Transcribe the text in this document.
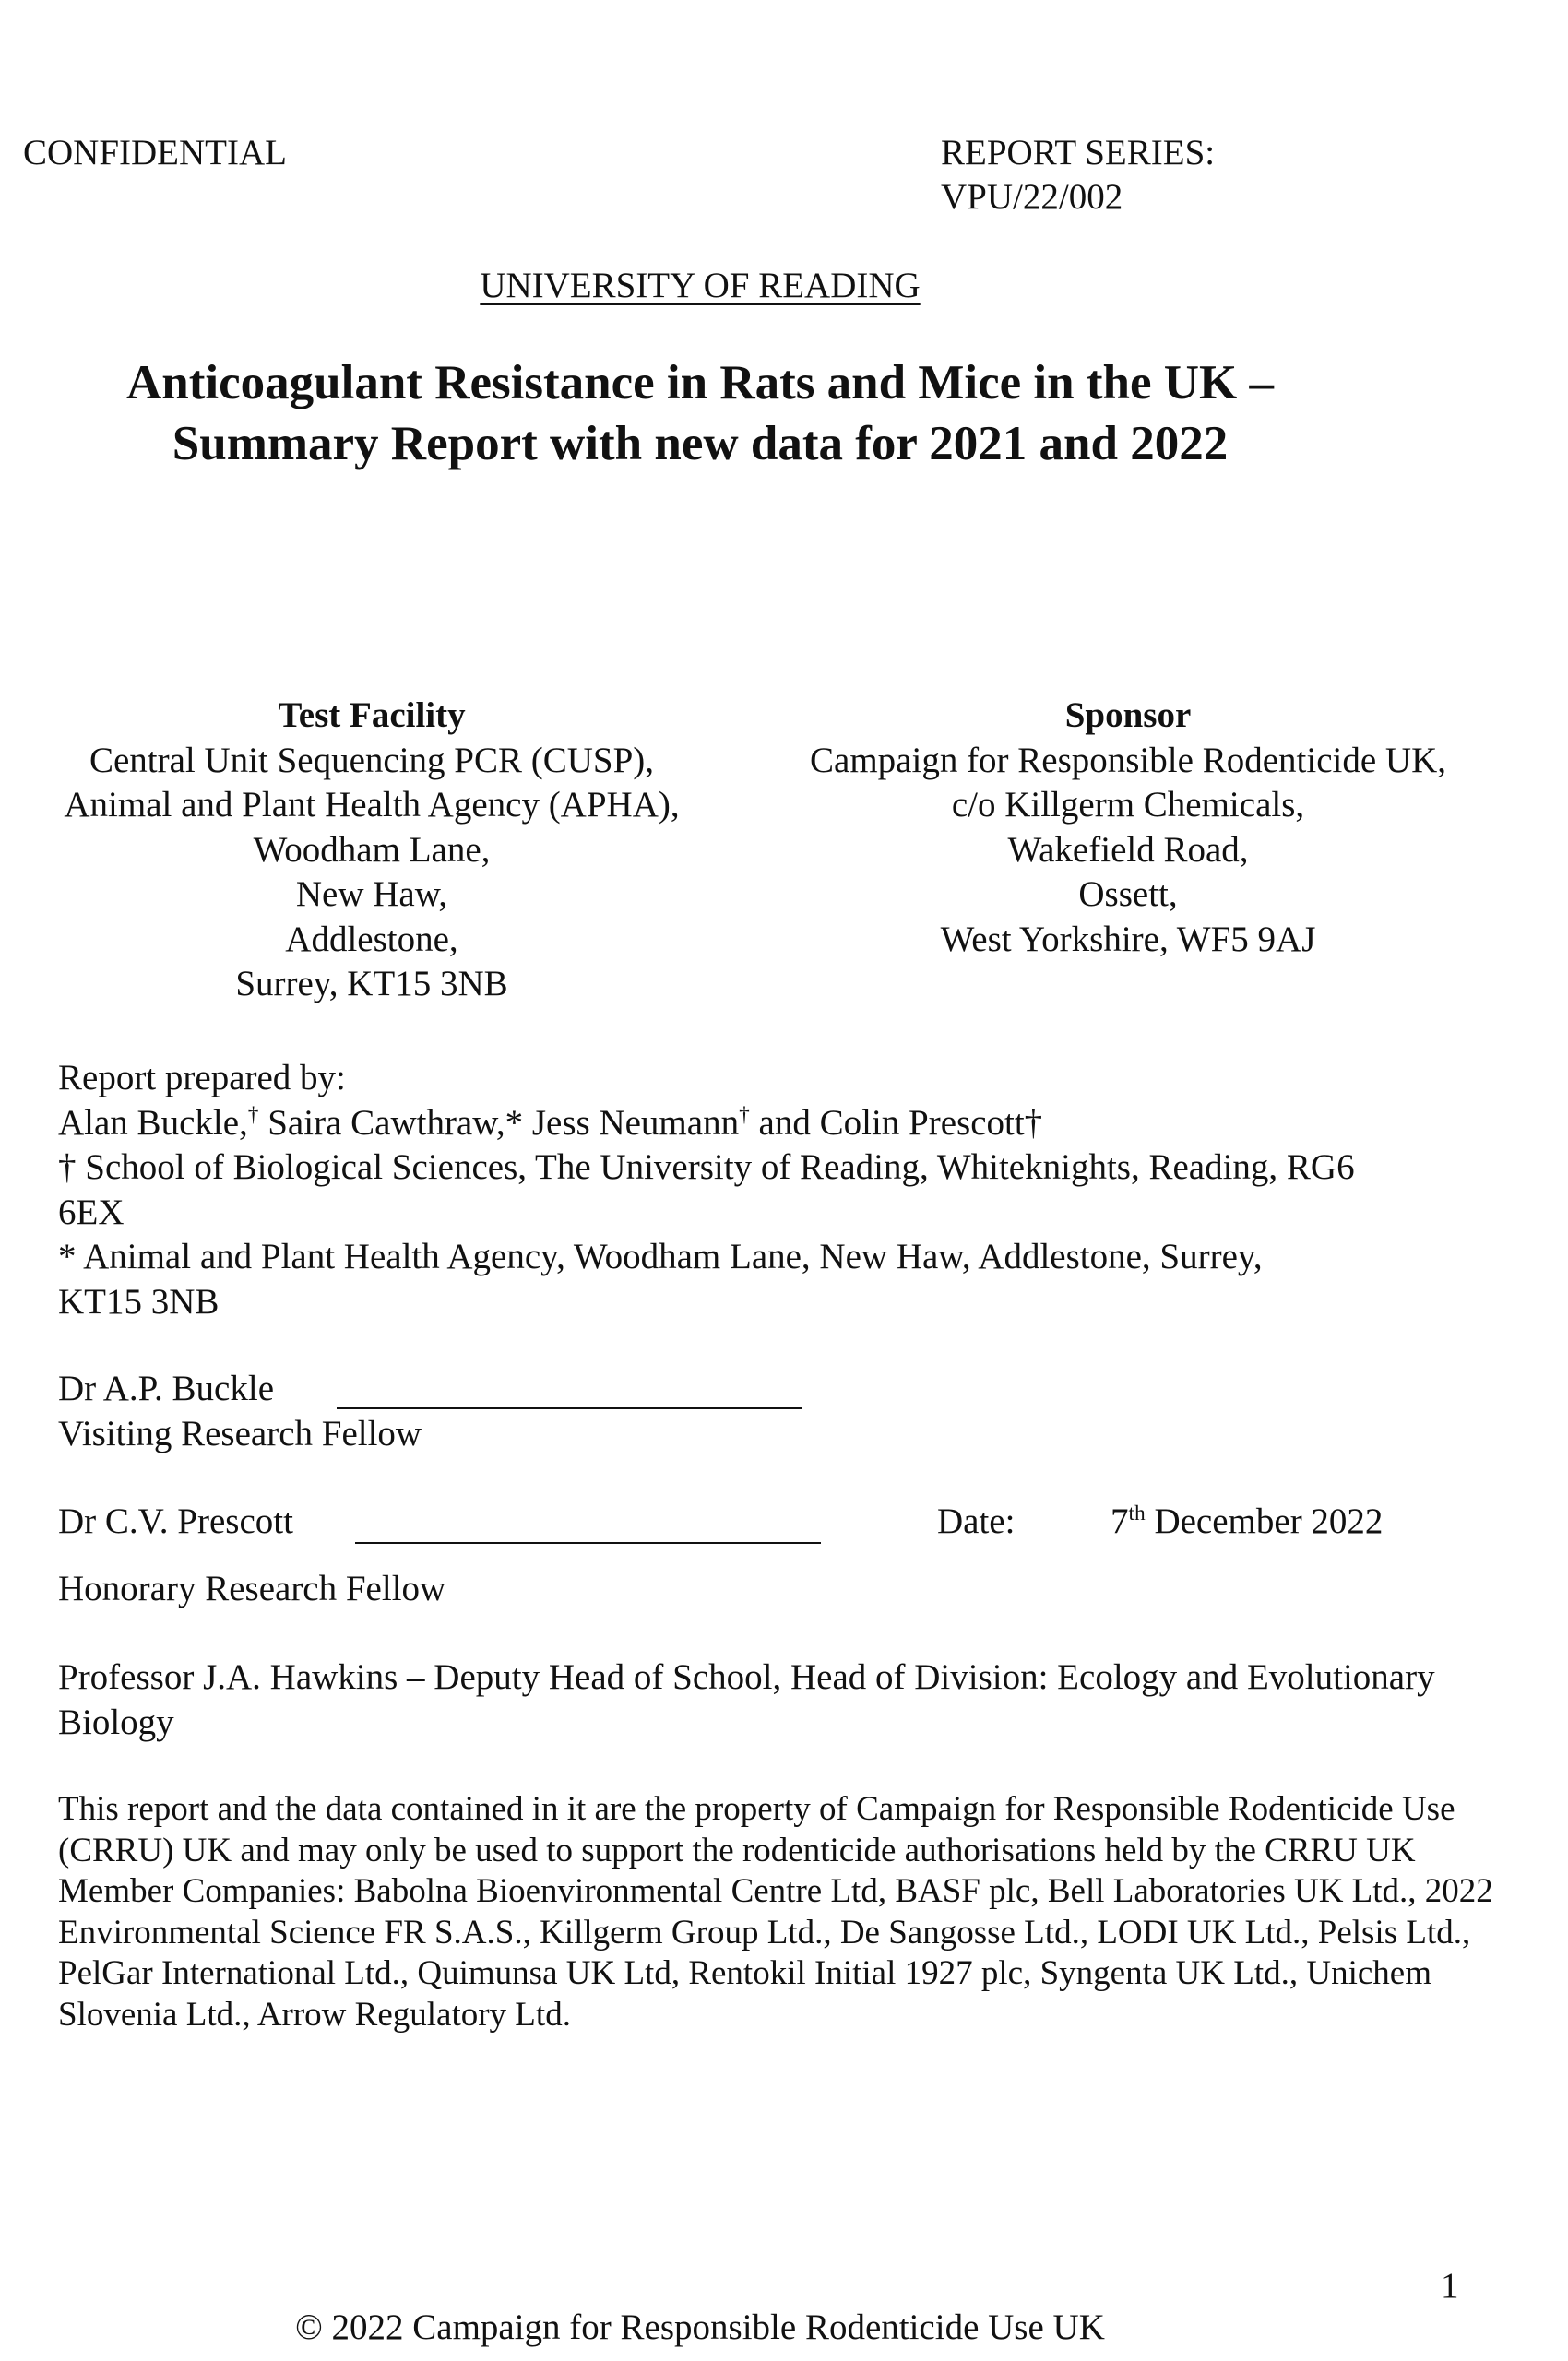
CONFIDENTIAL	REPORT SERIES:
VPU/22/002
UNIVERSITY OF READING
Anticoagulant Resistance in Rats and Mice in the UK –
Summary Report with new data for 2021 and 2022
Test Facility
Central Unit Sequencing PCR (CUSP),
Animal and Plant Health Agency (APHA),
Woodham Lane,
New Haw,
Addlestone,
Surrey, KT15 3NB
Sponsor
Campaign for Responsible Rodenticide UK,
c/o Killgerm Chemicals,
Wakefield Road,
Ossett,
West Yorkshire, WF5 9AJ
Report prepared by:
Alan Buckle,† Saira Cawthraw,* Jess Neumann† and Colin Prescott†
† School of Biological Sciences, The University of Reading, Whiteknights, Reading, RG6
6EX
* Animal and Plant Health Agency, Woodham Lane, New Haw, Addlestone, Surrey,
KT15 3NB
Dr A.P. Buckle
Visiting Research Fellow
Dr C.V. Prescott	Date:	7th December 2022
Honorary Research Fellow
Professor J.A. Hawkins – Deputy Head of School, Head of Division: Ecology and Evolutionary Biology
This report and the data contained in it are the property of Campaign for Responsible Rodenticide Use (CRRU) UK and may only be used to support the rodenticide authorisations held by the CRRU UK Member Companies: Babolna Bioenvironmental Centre Ltd, BASF plc, Bell Laboratories UK Ltd., 2022 Environmental Science FR S.A.S., Killgerm Group Ltd., De Sangosse Ltd., LODI UK Ltd., Pelsis Ltd., PelGar International Ltd., Quimunsa UK Ltd, Rentokil Initial 1927 plc, Syngenta UK Ltd., Unichem Slovenia Ltd., Arrow Regulatory Ltd.
1
© 2022 Campaign for Responsible Rodenticide Use UK
